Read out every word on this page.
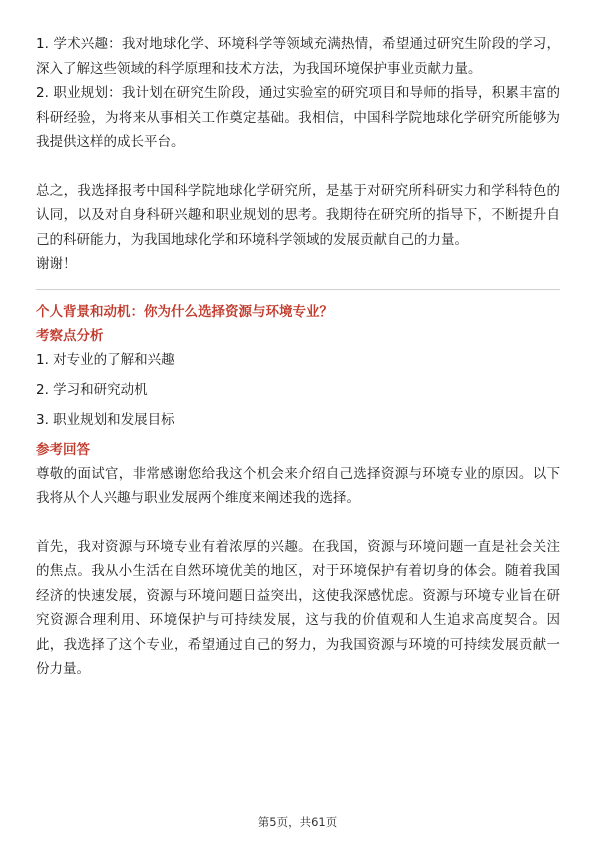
1. 学术兴趣：我对地球化学、环境科学等领域充满热情，希望通过研究生阶段的学习，深入了解这些领域的科学原理和技术方法，为我国环境保护事业贡献力量。

2. 职业规划：我计划在研究生阶段，通过实验室的研究项目和导师的指导，积累丰富的科研经验，为将来从事相关工作奠定基础。我相信，中国科学院地球化学研究所能够为我提供这样的成长平台。

总之，我选择报考中国科学院地球化学研究所，是基于对研究所科研实力和学科特色的认同，以及对自身科研兴趣和职业规划的思考。我期待在研究所的指导下，不断提升自己的科研能力，为我国地球化学和环境科学领域的发展贡献自己的力量。

谢谢！

个人背景和动机：你为什么选择资源与环境专业？

考察点分析

1. 对专业的了解和兴趣

2. 学习和研究动机

3. 职业规划和发展目标

参考回答

尊敬的面试官，非常感谢您给我这个机会来介绍自己选择资源与环境专业的原因。以下我将从个人兴趣与职业发展两个维度来阐述我的选择。

首先，我对资源与环境专业有着浓厚的兴趣。在我国，资源与环境问题一直是社会关注的焦点。我从小生活在自然环境优美的地区，对于环境保护有着切身的体会。随着我国经济的快速发展，资源与环境问题日益突出，这使我深感忧虑。资源与环境专业旨在研究资源合理利用、环境保护与可持续发展，这与我的价值观和人生追求高度契合。因此，我选择了这个专业，希望通过自己的努力，为我国资源与环境的可持续发展贡献一份力量。

第5页，共61页
